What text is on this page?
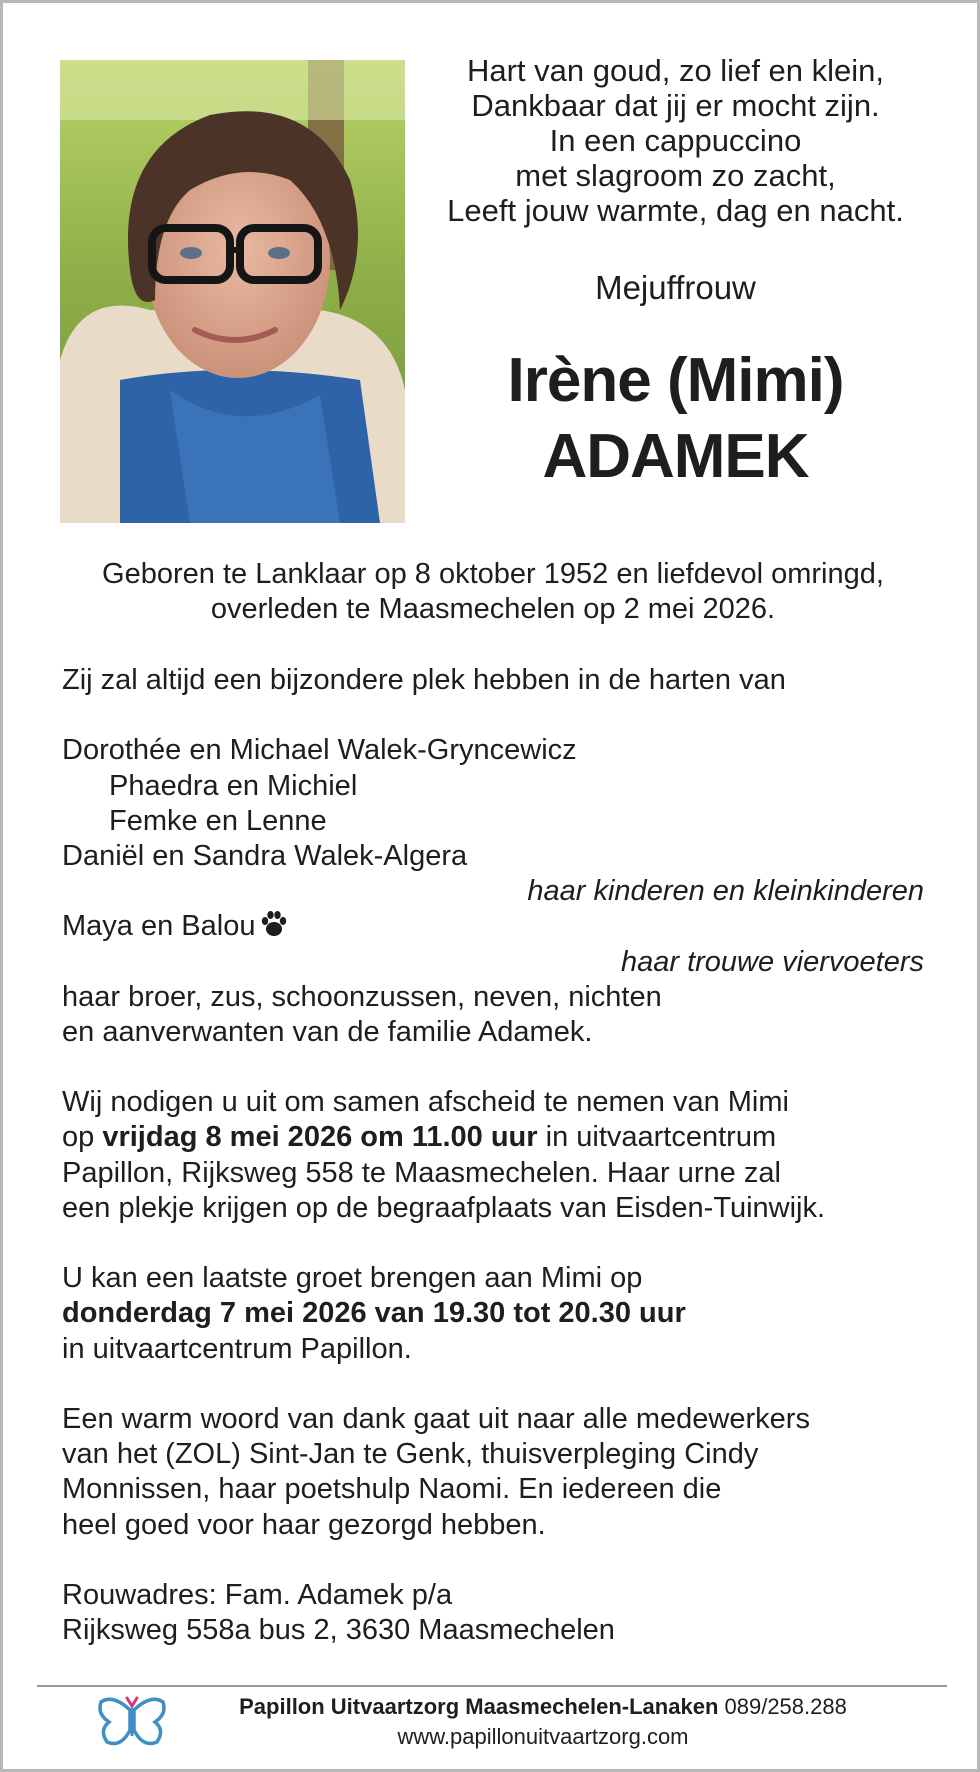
Hart van goud, zo lief en klein,
Dankbaar dat jij er mocht zijn.
In een cappuccino
met slagroom zo zacht,
Leeft jouw warmte, dag en nacht.
Mejuffrouw
Irène (Mimi)
ADAMEK
Geboren te Lanklaar op 8 oktober 1952 en liefdevol omringd,
overleden te Maasmechelen op 2 mei 2026.
Zij zal altijd een bijzondere plek hebben in de harten van
Dorothée en Michael Walek-Gryncewicz
Phaedra en Michiel
Femke en Lenne
Daniël en Sandra Walek-Algera
haar kinderen en kleinkinderen
Maya en Balou
haar trouwe viervoeters
haar broer, zus, schoonzussen, neven, nichten
en aanverwanten van de familie Adamek.
Wij nodigen u uit om samen afscheid te nemen van Mimi
op vrijdag 8 mei 2026 om 11.00 uur in uitvaartcentrum
Papillon, Rijksweg 558 te Maasmechelen. Haar urne zal
een plekje krijgen op de begraafplaats van Eisden-Tuinwijk.
U kan een laatste groet brengen aan Mimi op
donderdag 7 mei 2026 van 19.30 tot 20.30 uur
in uitvaartcentrum Papillon.
Een warm woord van dank gaat uit naar alle medewerkers
van het (ZOL) Sint-Jan te Genk, thuisverpleging Cindy
Monnissen, haar poetshulp Naomi. En iedereen die
heel goed voor haar gezorgd hebben.
Rouwadres: Fam. Adamek p/a
Rijksweg 558a bus 2, 3630 Maasmechelen
Papillon Uitvaartzorg Maasmechelen-Lanaken 089/258.288
www.papillonuitvaartzorg.com
